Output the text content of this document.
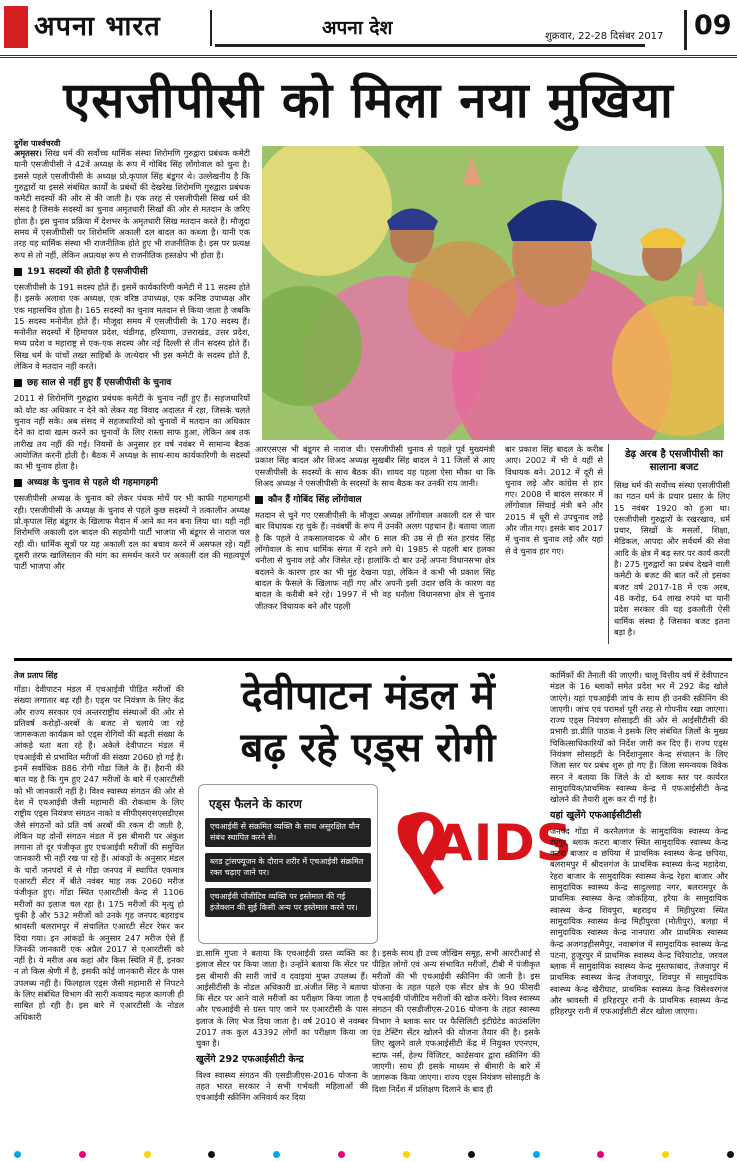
अपना भारत	अपना देश	शुक्रवार, 22-28 दिसंबर 2017 09
एसजीपीसी को मिला नया मुखिया
दुर्गेश पार्श्वचरवी

अमृतसर। सिख धर्म की सर्वोच्च धार्मिक संस्था शिरोमणि गुरुद्वारा प्रबंधक कमेटी यानी एसजीपीसी ने 42वें अध्यक्ष के रूप में गोबिंद सिंह लोंगोवाल को चुना है। इससे पहले एसजीपीसी के अध्यक्ष प्रो.कृपाल सिंह बंडूगर थे। उल्लेखनीय है कि गुरुद्वारों या इससे संबंधित कार्यों के प्रबंधों की देखरेख शिरोमणि गुरुद्वारा प्रबंधक कमेटी सदस्यों की और से की जाती है। एक तरह से एसजीपीसी सिख धर्म की संसद है जिसके सदस्यों का चुनाव अमृतधारी सिखों की ओर से मतदान के जरिए होता है। इस चुनाव प्रक्रिया में देशभर के अमृतधारी सिख मतदान करते हैं। मौजूदा समय में एसजीपीसी पर शिरोमणि अकाली दल बादल का कब्जा है। यानी एक तरह यह धार्मिक संस्था भी राजनीतिक होते हुए भी राजनीतिक है। इस पर प्रत्यक्ष रूप से तो नहीं, लेकिन अप्रत्यक्ष रूप से राजनीतिक हस्तक्षेप भी होता है।

191 सदस्यों की होती है एसजीपीसी

एसजीपीसी के 191 सदस्य होते हैं। इसमें कार्यकारिणी कमेटी में 11 सदस्य होते हैं। इसके अलावा एक अध्यक्ष, एक वरिष्ठ उपाध्यक्ष, एक कनिष्ठ उपाध्यक्ष और एक महासचिव होता है। 165 सदस्यों का चुनाव मतदान से किया जाता है जबकि 15 सदस्य मनोनीत होते हैं। मौजूदा समय में एसजीपीसी के 170 सदस्य हैं। मनोनीत सदस्यों में हिमाचल प्रदेश, चंडीगढ़, हरियाणा, उत्तराखंड, उत्तर प्रदेश, मध्य प्रदेश व महाराष्ट्र से एक-एक सदस्य और नई दिल्ली से तीन सदस्य होते हैं। सिख धर्म के पांचों तख्त साहिबों के जत्थेदार भी इस कमेटी के सदस्य होते हैं, लेकिन वे मतदान नहीं करते।

छह साल से नहीं हुए हैं एसजीपीसी के चुनाव

2011 से शिरोमणि गुरुद्वारा प्रबंधक कमेटी के चुनाव नहीं हुए हैं। सहजधारियों को वोट का अधिकार न देने को लेकर यह विवाद अदालत में रहा, जिसके चलते चुनाव नहीं सके। अब संसद में सहजधारियों को चुनावों में मतदान का अधिकार देने का दावा खत्म करने का चुनावों के लिए रास्ता साफ हुआ, लेकिन अब तक तारीख तय नहीं की गई। नियमों के अनुसार हर वर्ष नवंबर में सामान्य बैठक आयोजित करनी होती है। बैठक में अध्यक्ष के साथ-साथ कार्यकारिणी के सदस्यों का भी चुनाव होता है।

अध्यक्ष के चुनाव से पहले थी गहमागहमी

एसजीपीसी अध्यक्ष के चुनाव को लेकर पंथक मोर्चे पर भी काफी गहमागहमी रही। एसजीपीसी के अध्यक्ष के चुनाव से पहले कुछ सदस्यों ने तत्कालीन अध्यक्ष प्रो.कृपाल सिंह बंडूगर के खिलाफ मैदान में आने का मन बना लिया था। यही नहीं शिरोमणि अकाली दल बादल की सहयोगी पार्टी भाजपा भी बंडूगर से नाराज चल रही थी। धार्मिक सूत्रों पर यह अकाली दल का बचाव करने में असफल रहे। यहीं दूसरी तरफ खालिस्तान की मांग का समर्थन करने पर अकाली दल की महत्वपूर्ण पार्टी भाजपा और

आरएसएस भी बंडूगर से नाराज थी। एसजीपीसी चुनाव से पहले पूर्व मुख्यमंत्री प्रकाश सिंह बादल और शिअद अध्यक्ष सुखबीर सिंह बादल ने 11 जिलों से आए एसजीपीसी के सदस्यों के साथ बैठक की। शायद यह पहला ऐसा मौका था कि शिअद अध्यक्ष ने एसजीपीसी के सदस्यों के साथ बैठक कर उनकी राय जानी।

कौन हैं गोबिंद सिंह लोंगोवाल

मतदान से चुने गए एसजीपीसी के मौजूदा अध्यक्ष लोंगोवाल अकाली दल से चार बार विधायक रह चुके हैं। नवंबर्षी के रूप में उनकी अलग पहचान है। बताया जाता है कि पहले वे तकसालवादक थे और 6 साल की उम्र से ही संत हरचंद सिंह लोंगोवाल के साथ धार्मिक संगत में रहने लगे थे। 1985 से पहली बार हलका धनौला से चुनाव लड़े और जिसेत रहे। हालांकि दो बार उन्हें अपना विधानसभा क्षेत्र बदलने के कारण हार का भी मुंह देखना पड़ा, लेकिन वे कभी भी प्रकाश सिंह बादल के फैसले के खिलाफ नहीं गए और अपनी इसी उदार छवि के कारण वह बादल के करीबी बने रहे। 1997 में भी वह धनौला विधानसभा क्षेत्र से चुनाव जीतकर विधायक बने और पहली

बार प्रकाश सिंह बादल के करीब आए। 2002 में भी वे यहीं से विधायक बने। 2012 में दूरी से चुनाव लड़े और कांग्रेस से हार गए। 2008 में बादल सरकार में लोंगोवाल सिंचाई मंत्री बने और 2015 में धूरी से उपचुनाव लड़े और जीत गए। इसके बाद 2017 में चुनाव से चुनाव लड़े और यहां से वे चुनाव हार गए।

डेढ़ अरब है एसजीपीसी का सालाना बजट

सिख धर्म की सर्वोच्च संस्था एसजीपीसी का गठन धर्म के प्रचार प्रसार के लिए 15 नवंबर 1920 को हुआ था। एसजीपीसी गुरुद्वारों के रखरखाव, धर्म प्रचार, सिखों के मसलों, शिक्षा, मेडिकल, आपदा और सर्वधर्म की सेवा आदि के क्षेत्र में बढ़ स्तर पर कार्य करती है। 275 गुरुद्वारों का प्रबंध देखने वाली कमेटी के बजट की बात करें तो इसका बजट वर्ष 2017-18 में एक अरब, 48 करोड़, 64 लाख रुपये था यानी प्रदेश सरकार की यह इकलौती ऐसी धार्मिक संस्था है जिसका बजट इतना बड़ा है।

तेज प्रताप सिंह

गोंडा। देवीपाटन मंडल में एचआईवी पीड़ित मरीजों की संख्या लगातार बढ़ रही है। एड्स पर नियंत्रण के लिए केंद्र और राज्य सरकार एवं अन्तरराष्ट्रीय संस्थाओं की ओर से प्रतिवर्ष करोड़ों-अरबों के बजट से चलाये जा रहे जागरूकता कार्यक्रम को एड्स रोगियों की बढ़ती संख्या के आंकड़े धता बता रहे हैं। अकेले देवीपाटन मंडल में एचआईवी से प्रभावित मरीजों की संख्या 2060 हो गई है। इनमें सर्वाधिक 886 रोगी गोंडा जिले के हैं। हैरानी की बात यह है कि गुम हुए 247 मरीजों के बारे में एआरटीसी को भी जानकारी नहीं है। विश्व स्वास्थ्य संगठन की ओर से देश में एचआईवी जैसी महामारी की रोकथाम के लिए राष्ट्रीय एड्स नियंत्रण संगठन नाको व सीपीएसएसएसडीएस जैसे संगठनों को प्रति वर्ष अरबों की रकम दी जाती है, लेकिन यह दोनों संगठन मंडल में इस बीमारी पर अंकुश लगाना तो दूर पंजीकृत हुए एचआईवी मरीजों की समुचित जानकारी भी नहीं रख पा रहे हैं। आंकड़ों के अनुसार मंडल के चारों जनपदों में से गोंडा जनपद में स्थापित एकमात्र एआरटी सेंटर में बीते नवंबर माह तक 2060 मरीज पंजीकृत हुए। गोंडा स्थित एआरटीसी केन्द्र से 1106 मरीजों का इलाज चल रहा है। 175 मरीजों की मृत्यु हो चुकी है और 532 मरीजों को उनके गृह जनपद बहराइच श्रावस्ती बलरामपुर में संचालित एआरटी सेंटर रेफर कर दिया गया। इन आंकड़ों के अनुसार 247 मरीज ऐसे हैं जिनकी जानकारी एक अप्रैल 2017 से एआरटीसी को नहीं है। ये मरीज अब कहां और किस स्थिति में हैं, इनका न तो किस श्रेणी में है, इसकी कोई जानकारी सेंटर के पास उपलब्ध नहीं है। फिलहाल एड्स जैसी महामारी से निपटने के लिए संबंधित विभाग की सारी कवायद महज कागजी ही साबित हो रही है। इस बारे में एआरटीसी के नोडल अधिकारी

देवीपाटन मंडल में
बढ़ रहे एड्स रोगी
एड्स फैलने के कारण
एचआईवी से संक्रमित व्यक्ति के साथ असुरक्षित यौन संबंध स्थापित करने से।
ब्लड ट्रांसफ्यूजन के दौरान शरीर में एचआईवी संक्रमित रक्त चढ़ाए जाने पर।
एचआईवी पॉजीटिव व्यक्ति पर इस्तेमाल की गई इंजेक्शन की सुई किसी अन्य पर इस्तेमाल करने पर।
AIDS

डा.सामि गुप्ता ने बताया कि एचआईवी ग्रस्त व्यक्ति का इलाज सेंटर पर किया जाता है। उन्होंने बताया कि सेंटर पर इस बीमारी की सारी जांचें व दवाइयां मुफ्त उपलब्ध हैं। आईसीटीसी के नोडल अधिकारी डा.अंजीत सिंह ने बताया कि सेंटर पर आने वाले मरीजों का परीक्षण किया जाता है और एचआईवी से ग्रस्त पाए जाने पर एआरटीसी के पास इलाज के लिए भेज दिया जाता है। वर्ष 2010 से नवम्बर 2017 तक कुल 43392 लोगों का परीक्षण किया जा चुका है।

खुलेंगे 292 एफआईसीटी केन्द्र

विश्व स्वास्थ्य संगठन की एसडीजीएस-2016 योजना के तहत भारत सरकार ने सभी गर्भवती महिलाओं की एचआईवी स्क्रीनिंग अनिवार्य कर दिया

है। इसके साथ ही उच्च जोखिम समूह, सभी आरटीआई से पीड़ित लोगों एवं अन्य संभावित मरीजों, टीबी में पंजीकृत मरीजों की भी एचआईवी स्क्रीनिंग की जानी है। इस योजना के तहत पहले एक सेंटर क्षेत्र के 90 फीसदी एचआईवी पॉजीटिव मरीजों की खोज करेंगे। विश्व स्वास्थ्य संगठन की एसडीजीएस-2016 योजना के तहत स्वास्थ्य विभाग ने ब्लाक स्तर पर फैसिलिटी इंटीग्रेटेड काउंसलिंग एंड टेस्टिंग सेंटर खोलने की योजना तैयार की है। इसके लिए खुलने वाले एफआईसीटी केंद्र में नियुक्त एएनएम, स्टाफ नर्स, हेल्थ विजिटर, कार्डसवार द्वारा स्क्रीनिंग की जाएगी। साथ ही इसके माध्यम से बीमारी के बारे में जागरूक किया जाएगा। राज्य एड्स नियंत्रण सोसाइटी के दिशा निर्देश में प्रशिक्षण दिलाने के बाद ही

कार्मिकों की तैनाती की जाएगी। चालू वित्तीय वर्ष में देवीपाटन मंडल के 16 ब्लाकों समेत प्रदेश भर में 292 केंद्र खोले जाएंगे। यहां एचआईवी जांच के साथ ही उनकी स्क्रीनिंग की जाएगी। जांच एवं परामर्श पूरी तरह से गोपनीय रखा जाएगा। राज्य एड्स नियंत्रण सोसाइटी की ओर से आईसीटीसी की प्रभारी डा.प्रीति पाठक ने इसके लिए संबंधित जिलों के मुख्य चिकित्साधिकारियों को निर्देश जारी कर दिए हैं। राज्य एड्स नियंत्रण सोसाइटी के निर्देशानुसार केन्द्र संचालन के लिए जिला स्तर पर प्रबंध शुरू हो गए हैं। जिला समन्वयक विवेक सरन ने बताया कि जिले के दो ब्लाक स्तर पर कार्यरत सामुदायिक/प्राथमिक स्वास्थ्य केन्द्र में एफआईसीटी केन्द्र खोलने की तैयारी शुरू कर दी गई है।

यहां खुलेंगे एफआईसीटीसी

जनपद गोंडा में करनैलगंज के सामुदायिक स्वास्थ्य केन्द्र रघुपुर, ब्लाक कटरा बाजार स्थित सामुदायिक स्वास्थ्य केन्द्र कटरा बाजार व छपिया में प्राथमिक स्वास्थ्य केन्द्र छपिया, बलरामपुर में श्रीदत्तगंज के प्राथमिक स्वास्थ्य केन्द्र महादेवा, रेहरा बाजार के सामुदायिक स्वास्थ्य केन्द्र रेहरा बाजार और सामुदायिक स्वास्थ्य केन्द्र सादुल्लाह नगर, बलरामपुर के प्राथमिक स्वास्थ्य केन्द्र जोकहिया, हरैया के सामुदायिक स्वास्थ्य केन्द्र शिवपुरा, बहराइच में मिहीपुरवा स्थित सामुदायिक स्वास्थ्य केन्द्र मिहीपुरवा (मोतीपुर), बलहा में सामुदायिक स्वास्थ्य केन्द्र नानपारा और प्राथमिक स्वास्थ्य केन्द्र अजगड़हीसमैपुर, नवाबगंज में सामुदायिक स्वास्थ्य केन्द्र पटना, हुजूरपुर में प्राथमिक स्वास्थ्य केन्द्र चिरैयाटोड, जरवल ब्लाक में सामुदायिक स्वास्थ्य केन्द्र मुस्तफाबाद, तेजवापुर में प्राथमिक स्वास्थ्य केन्द्र तेजवापुर, शिवपुर में सामुदायिक स्वास्थ्य केन्द्र खैरीघाट, प्राथमिक स्वास्थ्य केन्द्र विसेश्वरगंज और श्रावस्ती में हरिहरपुर रानी के प्राथमिक स्वास्थ्य केन्द्र हरिहरपुर रानी में एफआईसीटी सेंटर खोला जाएगा।
